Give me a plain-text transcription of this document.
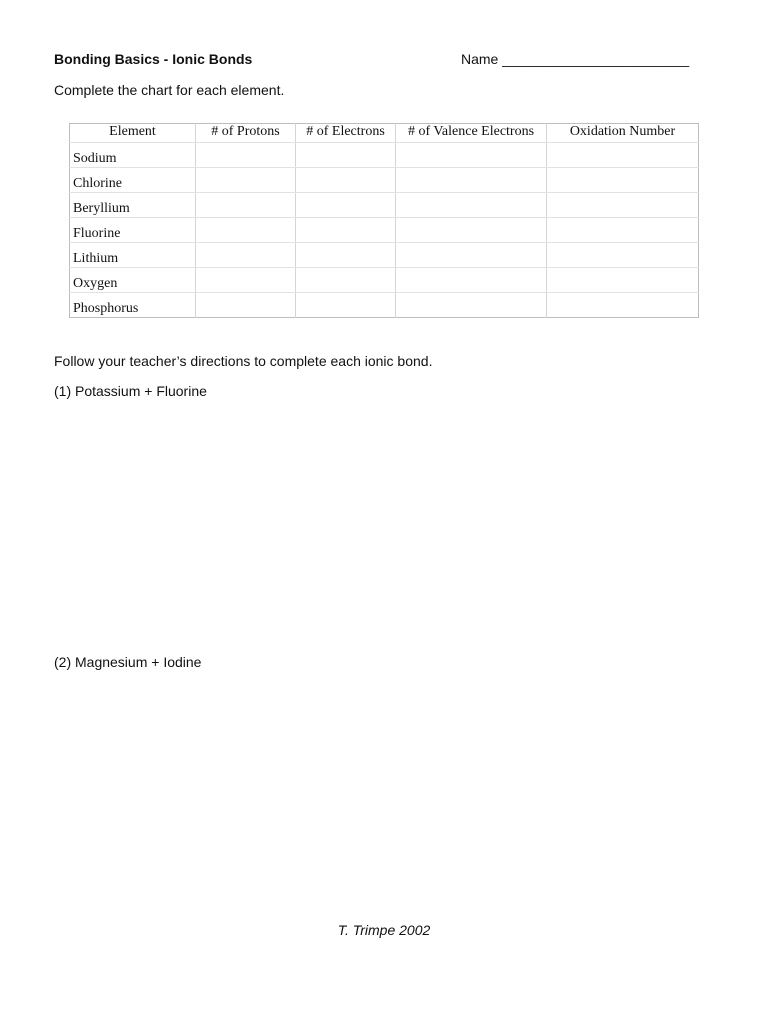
Bonding Basics - Ionic Bonds	Name ________________________
Complete the chart for each element.
Element	# of Protons	# of Electrons	# of Valence Electrons	Oxidation Number
Sodium				
Chlorine				
Beryllium				
Fluorine				
Lithium				
Oxygen				
Phosphorus				
Follow your teacher’s directions to complete each ionic bond.
(1) Potassium + Fluorine
(2) Magnesium + Iodine
T. Trimpe 2002
